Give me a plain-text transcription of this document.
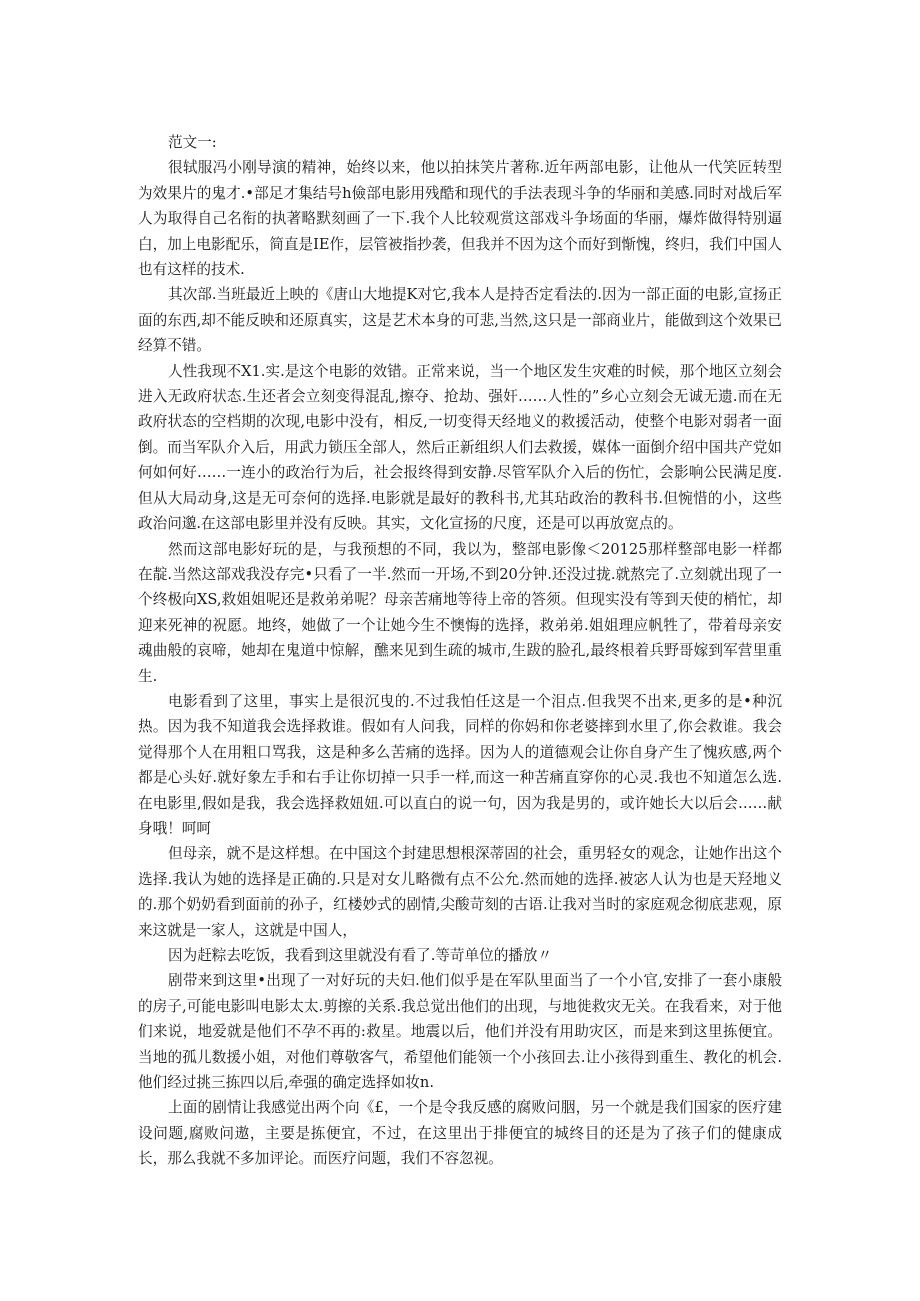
范文一:

很轼服冯小刚导演的精神，始终以来，他以拍抹笑片著称.近年两部电影，让他从一代笑匠转型为效果片的鬼才.•部足才集结号h儉部电影用残酷和现代的手法表现斗争的华丽和美感.同时对战后军人为取得自己名衔的执著略默刻画了一下.我个人比较观赏这部戏斗争场面的华丽，爆炸做得特别逼白，加上电影配乐，简直是IE作，层管被指抄袭，但我并不因为这个而好到惭愧，终归，我们中国人也有这样的技术.

其次部.当班最近上映的《唐山大地提K对它,我本人是持否定看法的.因为一部正面的电影,宣扬正面的东西,却不能反映和还原真实，这是艺术本身的可悲,当然,这只是一部商业片，能做到这个效果已经算不错。

人性我现不X1.实.是这个电影的效错。正常来说，当一个地区发生灾难的时候，那个地区立刻会进入无政府状态.生还者会立刻变得混乱,擦夺、抢劫、强奸……人性的”乡心立刻会无诚无遗.而在无政府状态的空档期的次现,电影中没有，相反,一切变得天经地义的救援活动，使整个电影对弱者一面倒。而当军队介入后，用武力锁压全部人，然后正新组织人们去救援，媒体一面倒介绍中国共产党如何如何好……一连小的政治行为后，社会报终得到安静.尽管军队介入后的伤忙，会影响公民满足度.但从大局动身,这是无可奈何的选择.电影就是最好的教科书,尤其玷政治的教科书.但惋惜的小，这些政治问邈.在这部电影里并没有反映。其实，文化宣扬的尺度，还是可以再放宽点的。

然而这部电影好玩的是，与我预想的不同，我以为，整部电影像＜20125那样整部电影一样都在靛.当然这部戏我没存完•只看了一半.然而一开场,不到20分钟.还没过拢.就熬完了.立刻就出现了一个终极向XS,救姐姐呢还是救弟弟呢？母亲苦痛地等待上帝的答须。但现实没有等到天使的梢忙，却迎来死神的祝愿。地终，她做了一个让她今生不懊悔的选择，救弟弟.姐姐理应帆牲了，带着母亲安魂曲般的哀啼，她却在鬼道中惊解，醮来见到生疏的城市,生跋的脸孔,最终根着兵野哥嫁到军营里重生.

电影看到了这里，事实上是很沉曳的.不过我怕任这是一个泪点.但我哭不出来,更多的是•种沉热。因为我不知道我会选择救谁。假如有人问我，同样的你妈和你老婆摔到水里了,你会救谁。我会觉得那个人在用粗口骂我，这是种多么苦痛的选择。因为人的道德观会让你自身产生了愧疚感,两个都是心头好.就好象左手和右手让你切掉一只手一样,而这一种苦痛直穿你的心灵.我也不知道怎么选.在电影里,假如是我，我会选择救妞妞.可以直白的说一句，因为我是男的，或许她长大以后会……献身哦！呵呵

但母亲，就不是这样想。在中国这个封建思想根深蒂固的社会，重男轻女的观念，让她作出这个选择.我认为她的选择是正确的.只是对女儿略微有点不公允.然而她的选择.被宓人认为也是天羟地义的.那个奶奶看到面前的孙子，红楼妙式的剧情,尖酸苛刻的古语.让我对当时的家庭观念彻底悲观，原来这就是一家人，这就是中国人，

因为赶粽去吃饭，我看到这里就没有看了.等苛单位的播放〃

剧带来到这里•出现了一对好玩的夫妇.他们似乎是在军队里面当了一个小官,安排了一套小康般的房子,可能电影叫电影太太.剪擦的关系.我总觉出他们的出现，与地徙救灾无关。在我看来，对于他们来说，地爱就是他们不孕不再的:救星。地震以后，他们并没有用助灾区，而是来到这里拣便宜。当地的孤儿数援小姐，对他们尊敬客气，希望他们能领一个小孩回去.让小孩得到重生、教化的机会.他们经过挑三拣四以后,牵强的确定选择如妆n.

上面的剧情让我感觉出两个向《£，一个是令我反感的腐败问胭，另一个就是我们国家的医疗建设问题,腐败问遨，主要是拣便宜，不过，在这里出于排便宜的城终目的还是为了孩子们的健康成长，那么我就不多加评论。而医疗问题，我们不容忽视。
